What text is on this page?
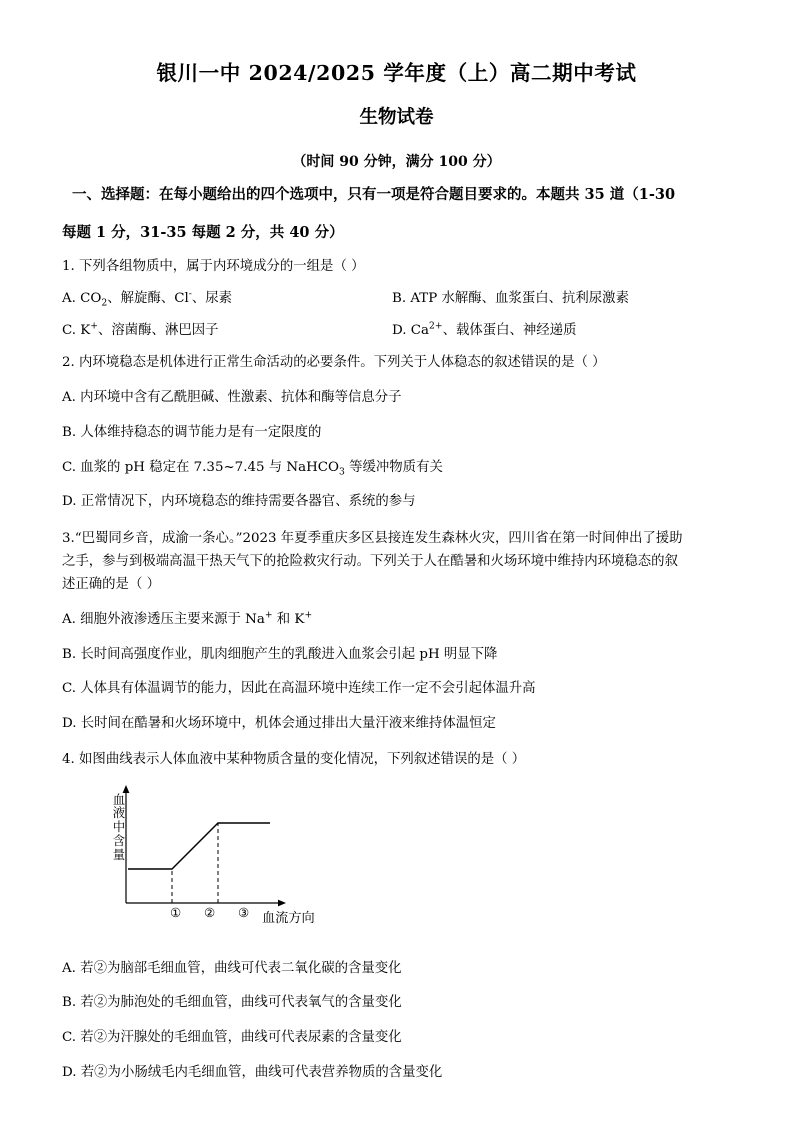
银川一中 2024/2025 学年度（上）高二期中考试
生物试卷
（时间 90 分钟，满分 100 分）
一、选择题：在每小题给出的四个选项中，只有一项是符合题目要求的。本题共 35 道（1-30
每题 1 分，31-35 每题 2 分，共 40 分）
1. 下列各组物质中，属于内环境成分的一组是（ ）
A. $CO_2$、解旋酶、Cl-、尿素	B. ATP 水解酶、血浆蛋白、抗利尿激素
C. K+、溶菌酶、淋巴因子	D. $Ca^{2+}$、载体蛋白、神经递质
2. 内环境稳态是机体进行正常生命活动的必要条件。下列关于人体稳态的叙述错误的是（ ）
A. 内环境中含有乙酰胆碱、性激素、抗体和酶等信息分子
B. 人体维持稳态的调节能力是有一定限度的
C. 血浆的 pH 稳定在 7.35~7.45 与 NaHCO$_3$ 等缓冲物质有关
D. 正常情况下，内环境稳态的维持需要各器官、系统的参与
3.“巴蜀同乡音，成渝一条心。”2023 年夏季重庆多区县接连发生森林火灾，四川省在第一时间伸出了援助
之手，参与到极端高温干热天气下的抢险救灾行动。下列关于人在酷暑和火场环境中维持内环境稳态的叙
述正确的是（ ）
A. 细胞外液渗透压主要来源于 Na+ 和 K+
B. 长时间高强度作业，肌肉细胞产生的乳酸进入血浆会引起 pH 明显下降
C. 人体具有体温调节的能力，因此在高温环境中连续工作一定不会引起体温升高
D. 长时间在酷暑和火场环境中，机体会通过排出大量汗液来维持体温恒定
4. 如图曲线表示人体血液中某种物质含量的变化情况，下列叙述错误的是（ ）
血液中含量
血流方向
① ② ③
A. 若②为脑部毛细血管，曲线可代表二氧化碳的含量变化
B. 若②为肺泡处的毛细血管，曲线可代表氧气的含量变化
C. 若②为汗腺处的毛细血管，曲线可代表尿素的含量变化
D. 若②为小肠绒毛内毛细血管，曲线可代表营养物质的含量变化
